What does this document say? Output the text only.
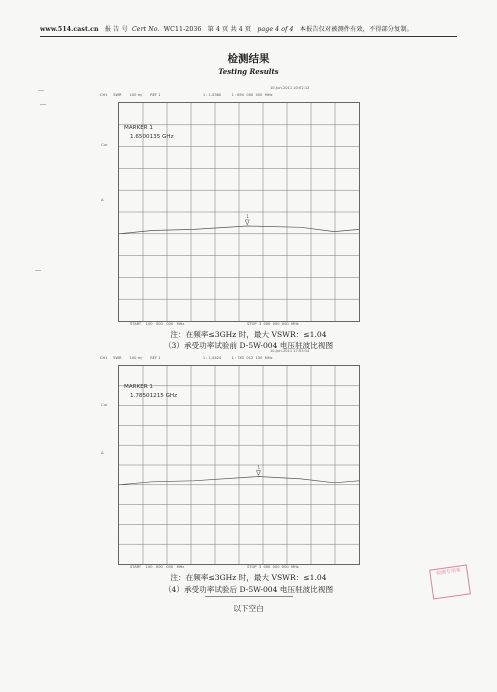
www.514.cast.cn 报 告 号 Cert No. WC11-2036 第 4 页 共 4 页 page 4 of 4 本报告仅对被测件有效，不得部分复制。
检测结果
Testing Results
10-Jun-2011 10:02:12
CH1 SWR 100 m/ REF 1	1 : 1.0360	1 : 650 000 000 MHz
Cor
Δ
1
MARKER 1
1.6500135 GHz
START 100 000 000 MHz	STOP 3 000 000 000 MHz
注：在频率≤3GHz 时，最大 VSWR：≤1.04
（3）承受功率试验前 D-5W-004 电压驻波比视图
10-Jun-2011 17:05:14
CH1 SWR 100 m/ REF 1	1 : 1.0424	1 : 785 012 150 MHz
Cor
Δ
1
MARKER 1
1.78501215 GHz
START 100 000 000 MHz	STOP 3 000 000 000 MHz
注：在频率≤3GHz 时，最大 VSWR：≤1.04
（4）承受功率试验后 D-5W-004 电压驻波比视图
以下空白
检测专用章
